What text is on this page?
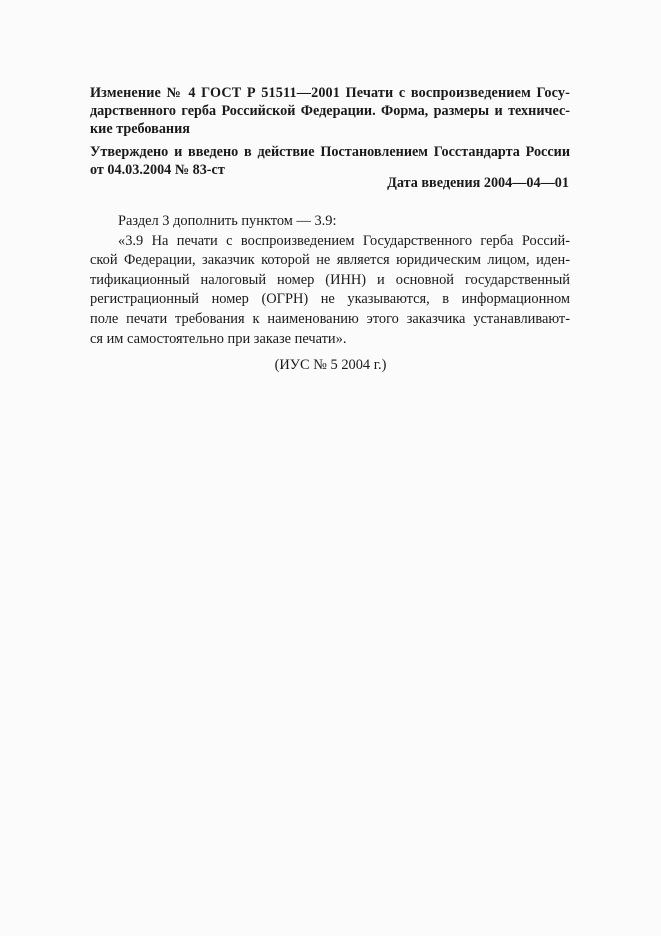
Изменение № 4 ГОСТ Р 51511—2001 Печати с воспроизведением Госу-

дарственного герба Российской Федерации. Форма, размеры и техничес-

кие требования

Утверждено и введено в действие Постановлением Госстандарта России

от 04.03.2004 № 83-ст

Дата введения 2004—04—01

Раздел 3 дополнить пунктом — 3.9:

«3.9 На печати с воспроизведением Государственного герба Россий-

ской Федерации, заказчик которой не является юридическим лицом, иден-

тификационный налоговый номер (ИНН) и основной государственный

регистрационный номер (ОГРН) не указываются, в информационном

поле печати требования к наименованию этого заказчика устанавливают-

ся им самостоятельно при заказе печати».

(ИУС № 5 2004 г.)
